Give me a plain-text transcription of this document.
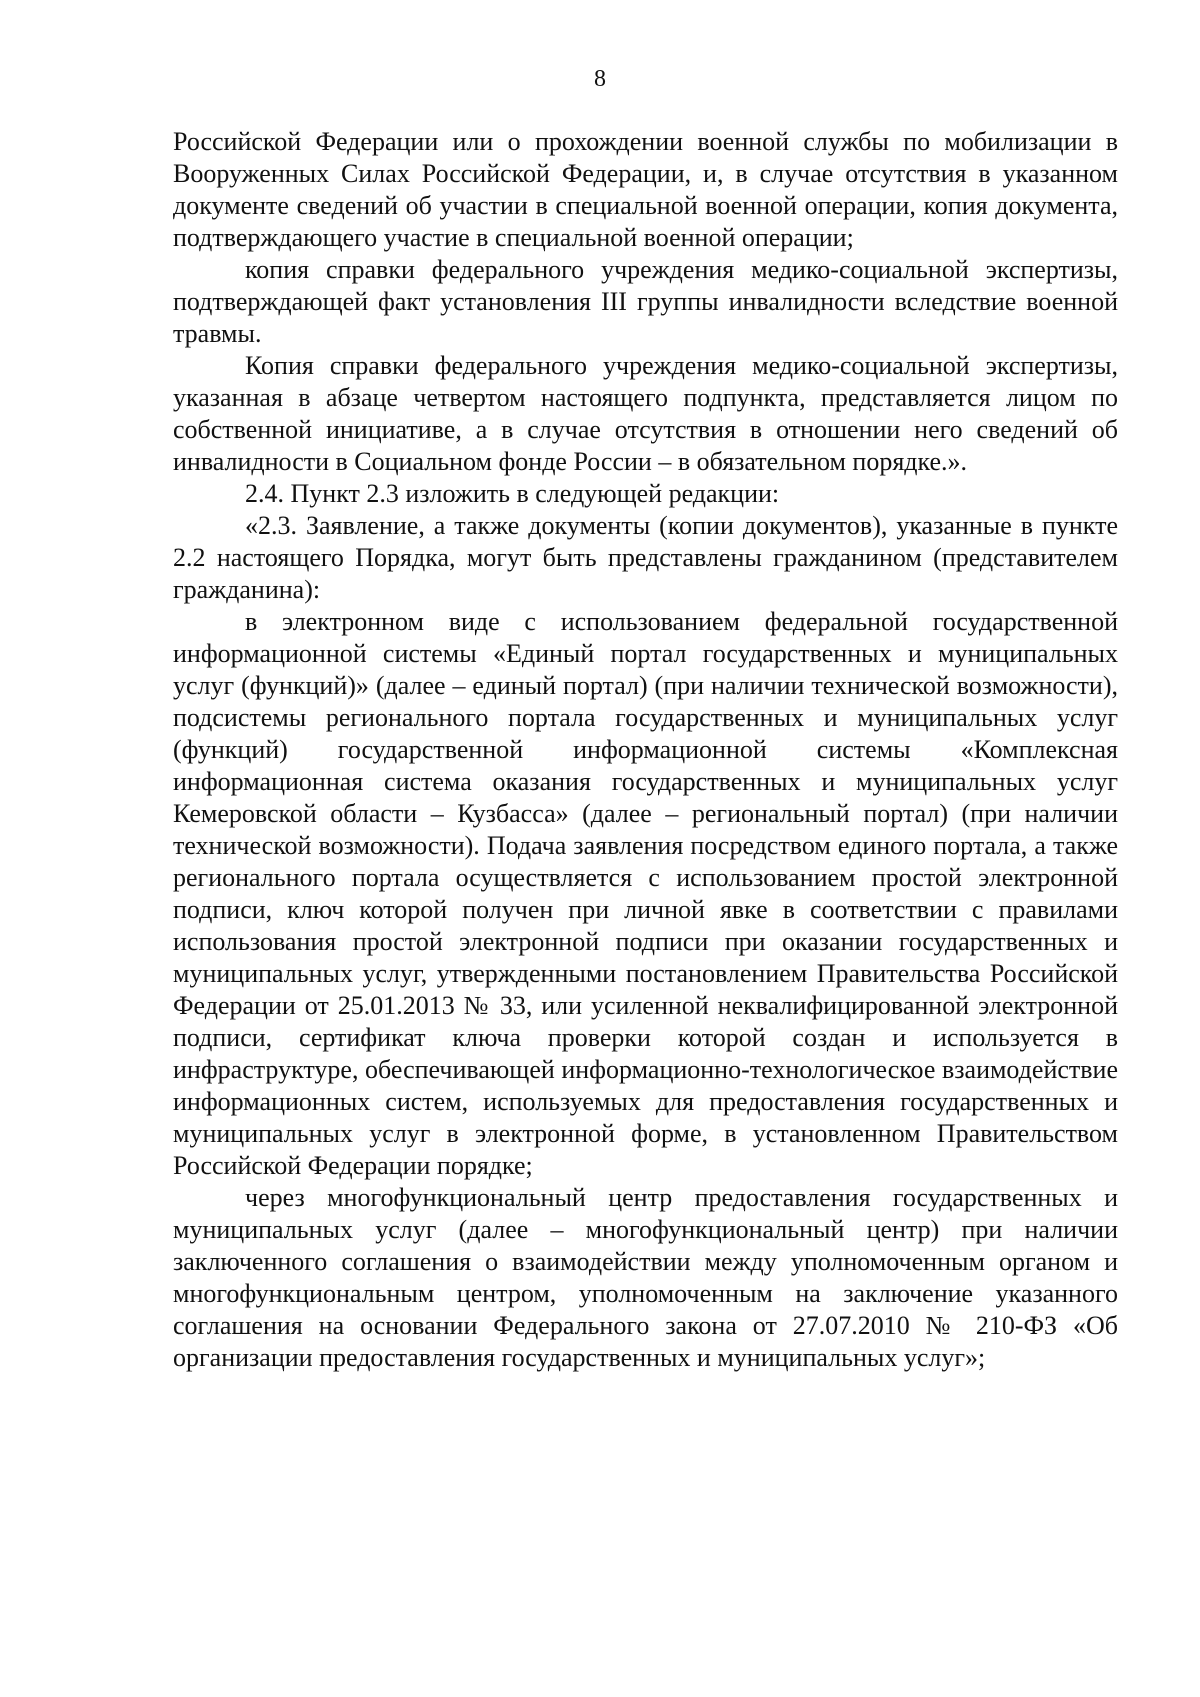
8

Российской Федерации или о прохождении военной службы по мобилизации в Вооруженных Силах Российской Федерации, и, в случае отсутствия в указанном документе сведений об участии в специальной военной операции, копия документа, подтверждающего участие в специальной военной операции;

копия справки федерального учреждения медико-социальной экспертизы, подтверждающей факт установления III группы инвалидности вследствие военной травмы.

Копия справки федерального учреждения медико-социальной экспертизы, указанная в абзаце четвертом настоящего подпункта, представляется лицом по собственной инициативе, а в случае отсутствия в отношении него сведений об инвалидности в Социальном фонде России – в обязательном порядке.».

2.4. Пункт 2.3 изложить в следующей редакции:

«2.3. Заявление, а также документы (копии документов), указанные в пункте 2.2 настоящего Порядка, могут быть представлены гражданином (представителем гражданина):

в электронном виде с использованием федеральной государственной информационной системы «Единый портал государственных и муниципальных услуг (функций)» (далее – единый портал) (при наличии технической возможности), подсистемы регионального портала государственных и муниципальных услуг (функций) государственной информационной системы «Комплексная информационная система оказания государственных и муниципальных услуг Кемеровской области – Кузбасса» (далее – региональный портал) (при наличии технической возможности). Подача заявления посредством единого портала, а также регионального портала осуществляется с использованием простой электронной подписи, ключ которой получен при личной явке в соответствии с правилами использования простой электронной подписи при оказании государственных и муниципальных услуг, утвержденными постановлением Правительства Российской Федерации от 25.01.2013 № 33, или усиленной неквалифицированной электронной подписи, сертификат ключа проверки которой создан и используется в инфраструктуре, обеспечивающей информационно-технологическое взаимодействие информационных систем, используемых для предоставления государственных и муниципальных услуг в электронной форме, в установленном Правительством Российской Федерации порядке;

через многофункциональный центр предоставления государственных и муниципальных услуг (далее – многофункциональный центр) при наличии заключенного соглашения о взаимодействии между уполномоченным органом и многофункциональным центром, уполномоченным на заключение указанного соглашения на основании Федерального закона от 27.07.2010 № 210-ФЗ «Об организации предоставления государственных и муниципальных услуг»;
